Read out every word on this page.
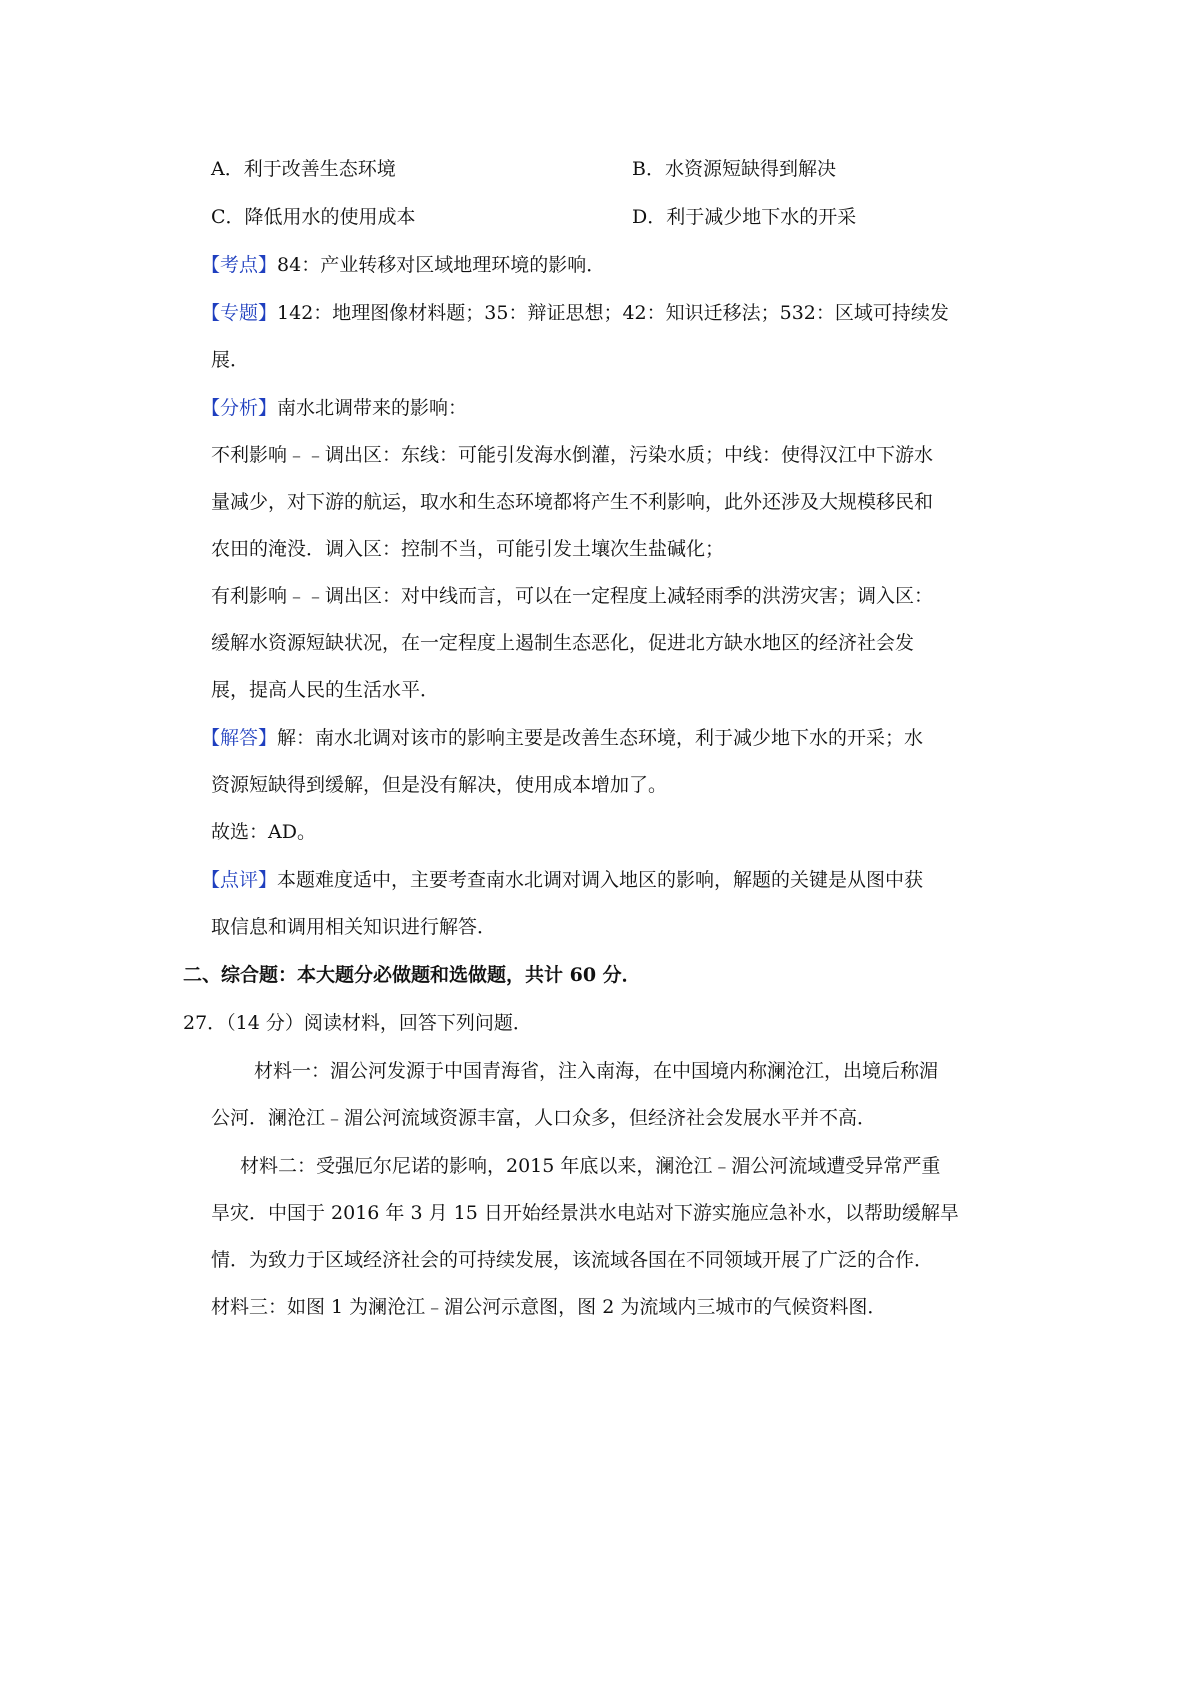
A．利于改善生态环境	B．水资源短缺得到解决
C．降低用水的使用成本	D．利于减少地下水的开采
【考点】84：产业转移对区域地理环境的影响．
【专题】142：地理图像材料题；35：辩证思想；42：知识迁移法；532：区域可持续发
展．
【分析】南水北调带来的影响：
不利影响﹣﹣调出区：东线：可能引发海水倒灌，污染水质；中线：使得汉江中下游水
量减少，对下游的航运，取水和生态环境都将产生不利影响，此外还涉及大规模移民和
农田的淹没．调入区：控制不当，可能引发土壤次生盐碱化；
有利影响﹣﹣调出区：对中线而言，可以在一定程度上减轻雨季的洪涝灾害；调入区：
缓解水资源短缺状况，在一定程度上遏制生态恶化，促进北方缺水地区的经济社会发
展，提高人民的生活水平．
【解答】解：南水北调对该市的影响主要是改善生态环境，利于减少地下水的开采；水
资源短缺得到缓解，但是没有解决，使用成本增加了。
故选：AD。
【点评】本题难度适中，主要考查南水北调对调入地区的影响，解题的关键是从图中获
取信息和调用相关知识进行解答．
二、综合题：本大题分必做题和选做题，共计 60 分．
27．（14 分）阅读材料，回答下列问题．
材料一：湄公河发源于中国青海省，注入南海，在中国境内称澜沧江，出境后称湄
公河．澜沧江﹣湄公河流域资源丰富，人口众多，但经济社会发展水平并不高．
材料二：受强厄尔尼诺的影响，2015 年底以来，澜沧江﹣湄公河流域遭受异常严重
旱灾．中国于 2016 年 3 月 15 日开始经景洪水电站对下游实施应急补水，以帮助缓解旱
情．为致力于区域经济社会的可持续发展，该流域各国在不同领域开展了广泛的合作．
材料三：如图 1 为澜沧江﹣湄公河示意图，图 2 为流域内三城市的气候资料图．
